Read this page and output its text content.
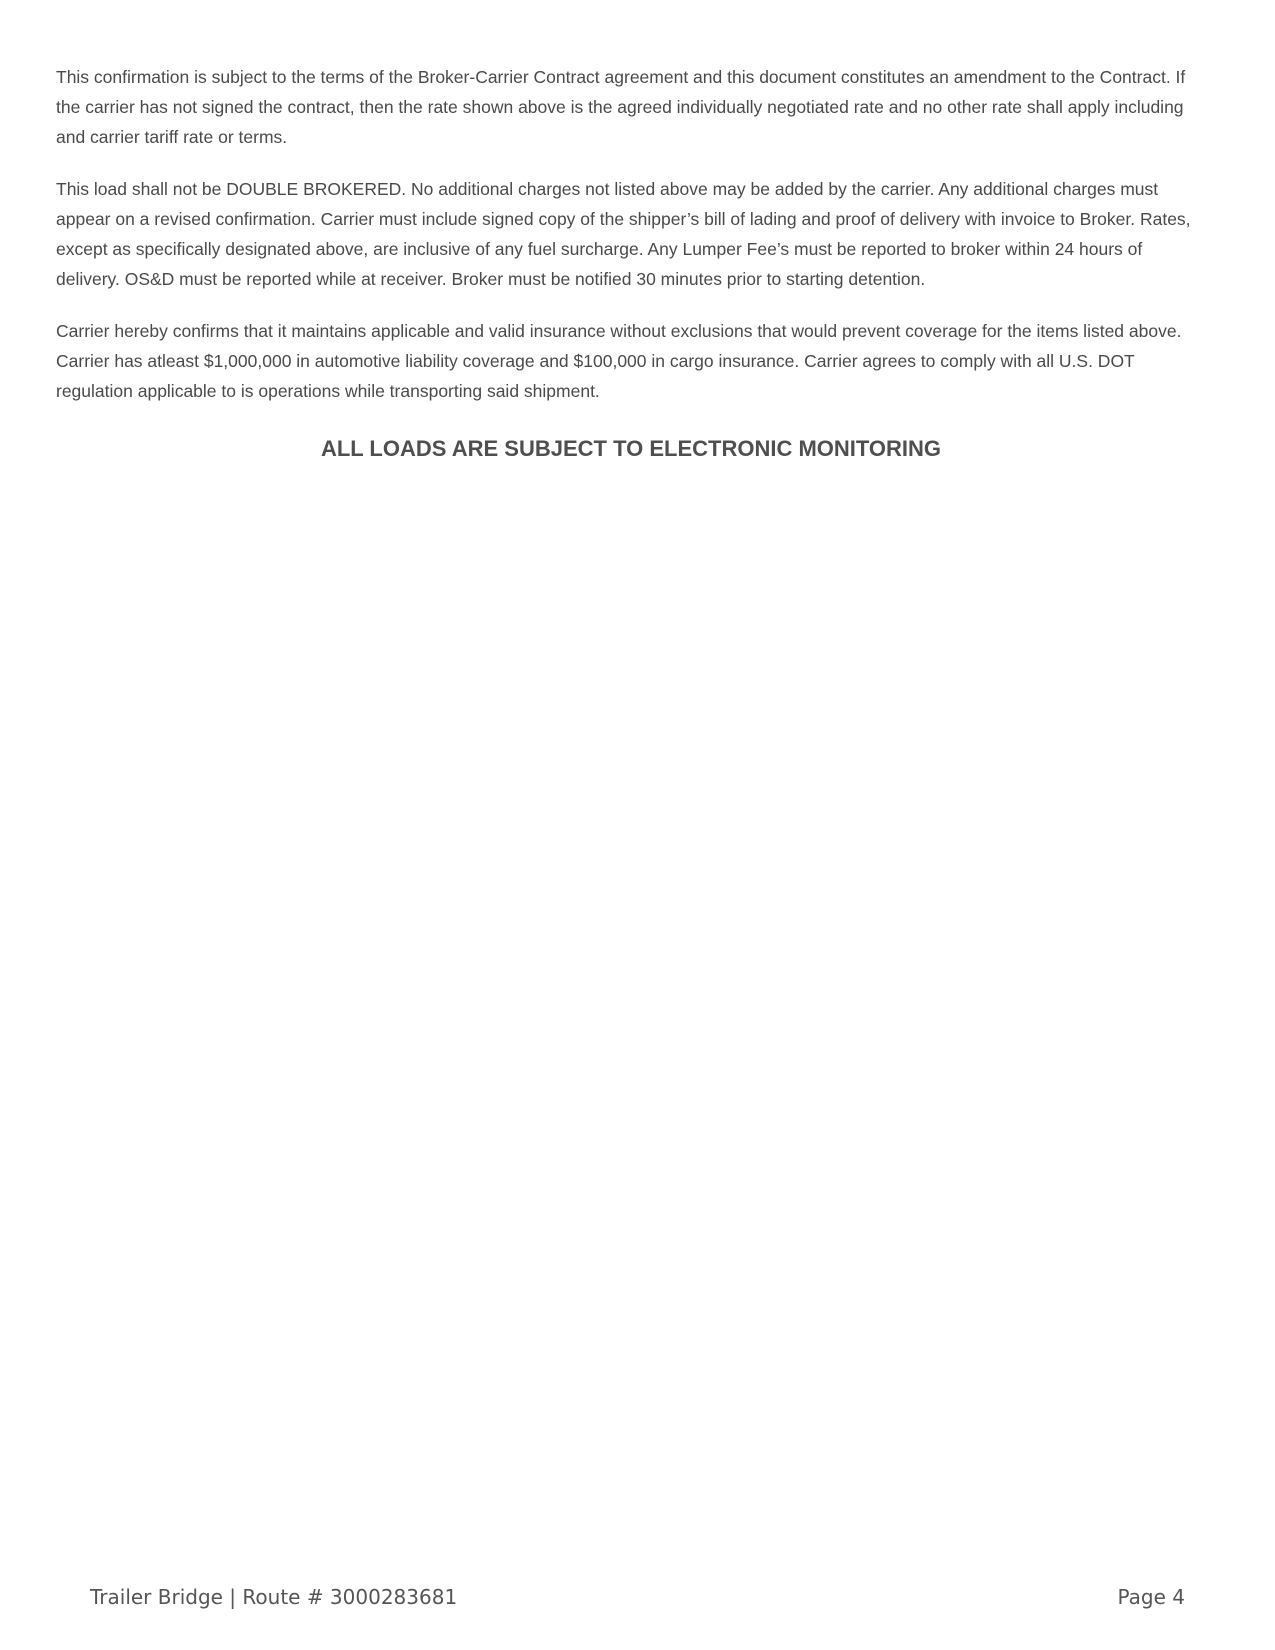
This confirmation is subject to the terms of the Broker-Carrier Contract agreement and this document constitutes an amendment to the Contract. If the carrier has not signed the contract, then the rate shown above is the agreed individually negotiated rate and no other rate shall apply including and carrier tariff rate or terms.

This load shall not be DOUBLE BROKERED. No additional charges not listed above may be added by the carrier. Any additional charges must appear on a revised confirmation. Carrier must include signed copy of the shipper’s bill of lading and proof of delivery with invoice to Broker. Rates, except as specifically designated above, are inclusive of any fuel surcharge. Any Lumper Fee’s must be reported to broker within 24 hours of delivery. OS&D must be reported while at receiver. Broker must be notified 30 minutes prior to starting detention.

Carrier hereby confirms that it maintains applicable and valid insurance without exclusions that would prevent coverage for the items listed above. Carrier has atleast $1,000,000 in automotive liability coverage and $100,000 in cargo insurance. Carrier agrees to comply with all U.S. DOT regulation applicable to is operations while transporting said shipment.

ALL LOADS ARE SUBJECT TO ELECTRONIC MONITORING
Trailer Bridge | Route # 3000283681	Page 4
